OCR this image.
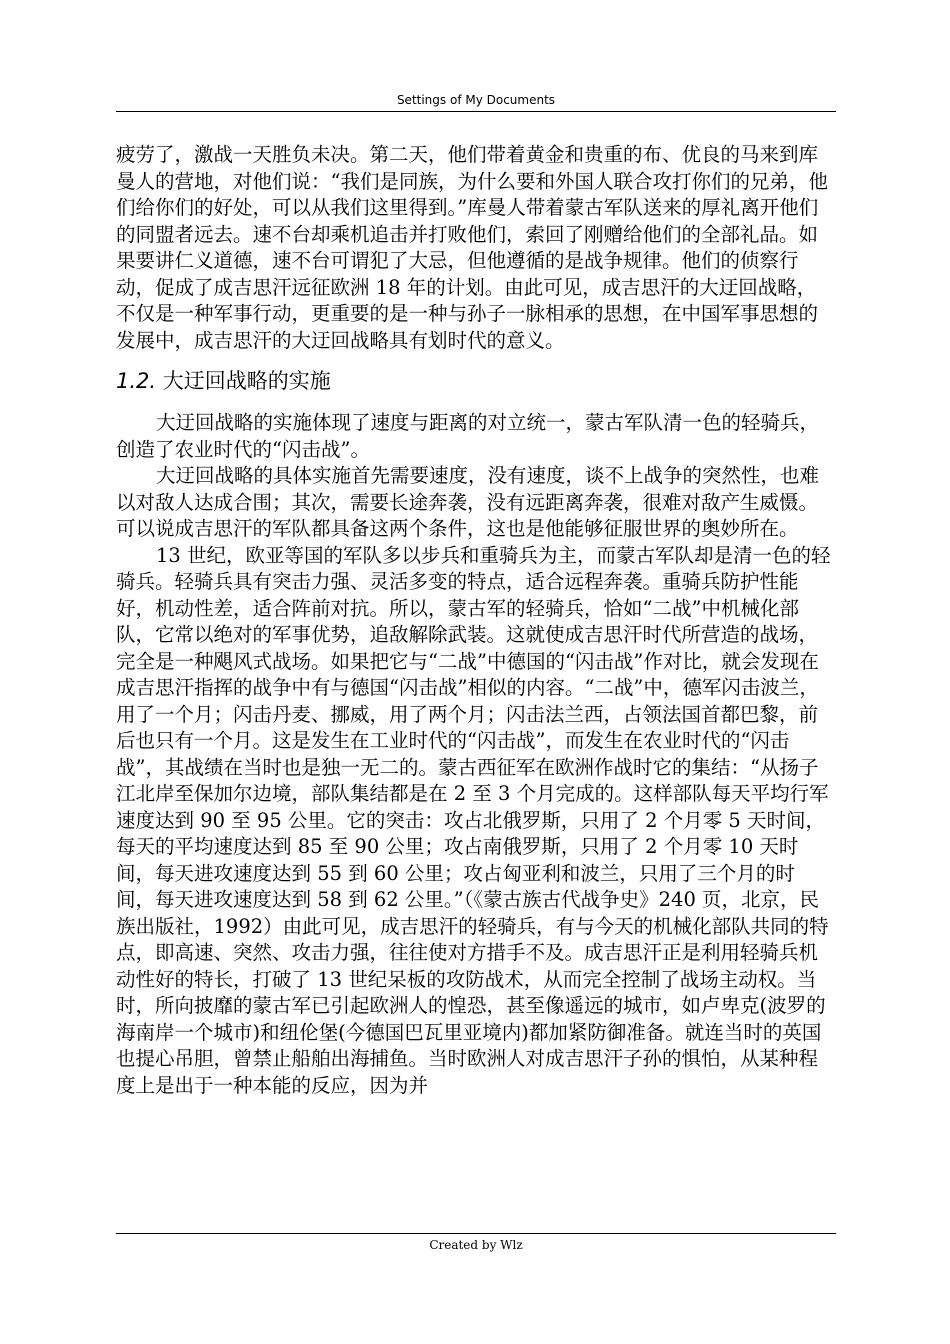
Settings of My Documents

疲劳了，激战一天胜负未决。第二天，他们带着黄金和贵重的布、优良的马来到库曼人的营地，对他们说：“我们是同族，为什么要和外国人联合攻打你们的兄弟，他们给你们的好处，可以从我们这里得到。”库曼人带着蒙古军队送来的厚礼离开他们的同盟者远去。速不台却乘机追击并打败他们，索回了刚赠给他们的全部礼品。如果要讲仁义道德，速不台可谓犯了大忌，但他遵循的是战争规律。他们的侦察行动，促成了成吉思汗远征欧洲 18 年的计划。由此可见，成吉思汗的大迂回战略，不仅是一种军事行动，更重要的是一种与孙子一脉相承的思想，在中国军事思想的发展中，成吉思汗的大迂回战略具有划时代的意义。

1.2. 大迂回战略的实施

大迂回战略的实施体现了速度与距离的对立统一，蒙古军队清一色的轻骑兵，创造了农业时代的“闪击战”。

大迂回战略的具体实施首先需要速度，没有速度，谈不上战争的突然性，也难以对敌人达成合围；其次，需要长途奔袭，没有远距离奔袭，很难对敌产生威慑。可以说成吉思汗的军队都具备这两个条件，这也是他能够征服世界的奥妙所在。

13 世纪，欧亚等国的军队多以步兵和重骑兵为主，而蒙古军队却是清一色的轻骑兵。轻骑兵具有突击力强、灵活多变的特点，适合远程奔袭。重骑兵防护性能好，机动性差，适合阵前对抗。所以，蒙古军的轻骑兵，恰如“二战”中机械化部队，它常以绝对的军事优势，追敌解除武装。这就使成吉思汗时代所营造的战场，完全是一种飓风式战场。如果把它与“二战”中德国的“闪击战”作对比，就会发现在成吉思汗指挥的战争中有与德国“闪击战”相似的内容。“二战”中，德军闪击波兰，用了一个月；闪击丹麦、挪威，用了两个月；闪击法兰西，占领法国首都巴黎，前后也只有一个月。这是发生在工业时代的“闪击战”，而发生在农业时代的“闪击战”，其战绩在当时也是独一无二的。蒙古西征军在欧洲作战时它的集结：“从扬子江北岸至保加尔边境，部队集结都是在 2 至 3 个月完成的。这样部队每天平均行军速度达到 90 至 95 公里。它的突击：攻占北俄罗斯，只用了 2 个月零 5 天时间，每天的平均速度达到 85 至 90 公里；攻占南俄罗斯，只用了 2 个月零 10 天时间，每天进攻速度达到 55 到 60 公里；攻占匈亚利和波兰，只用了三个月的时间，每天进攻速度达到 58 到 62 公里。”（《蒙古族古代战争史》240 页，北京，民族出版社，1992）由此可见，成吉思汗的轻骑兵，有与今天的机械化部队共同的特点，即高速、突然、攻击力强，往往使对方措手不及。成吉思汗正是利用轻骑兵机动性好的特长，打破了 13 世纪呆板的攻防战术，从而完全控制了战场主动权。当时，所向披靡的蒙古军已引起欧洲人的惶恐，甚至像遥远的城市，如卢卑克(波罗的海南岸一个城市)和纽伦堡(今德国巴瓦里亚境内)都加紧防御准备。就连当时的英国也提心吊胆，曾禁止船舶出海捕鱼。当时欧洲人对成吉思汗子孙的惧怕，从某种程度上是出于一种本能的反应，因为并

Created by Wlz
